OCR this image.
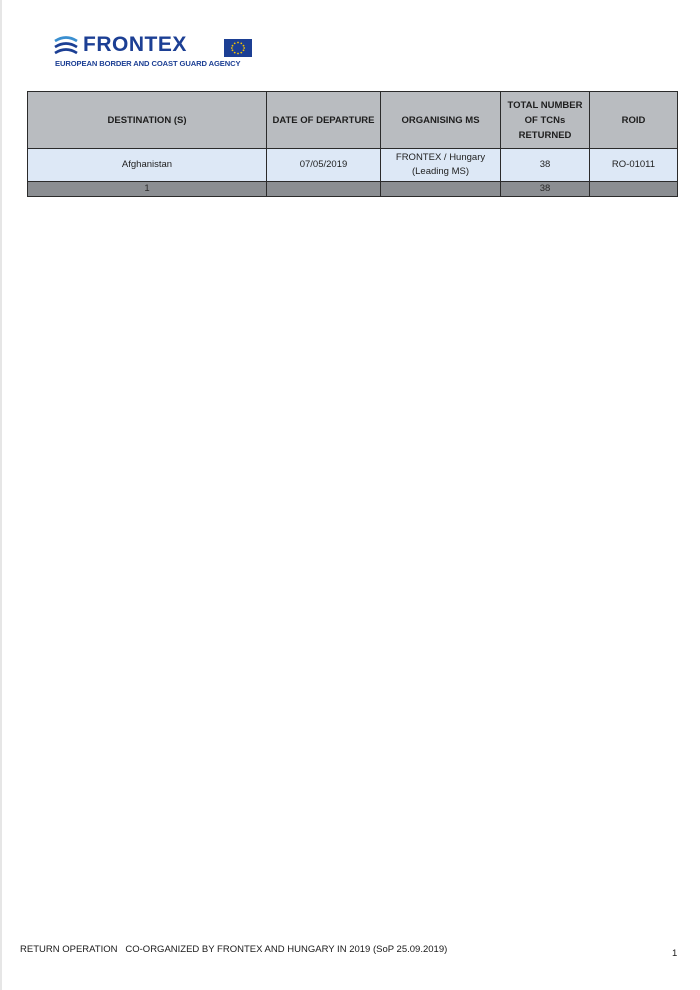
FRONTEX
EUROPEAN BORDER AND COAST GUARD AGENCY
DESTINATION (S)	DATE OF DEPARTURE	ORGANISING MS	TOTAL NUMBER OF TCNs RETURNED	ROID
Afghanistan	07/05/2019	FRONTEX / Hungary (Leading MS)	38	RO-01011
1			38	
RETURN OPERATION   CO-ORGANIZED BY FRONTEX AND HUNGARY IN 2019 (SoP 25.09.2019)	1
